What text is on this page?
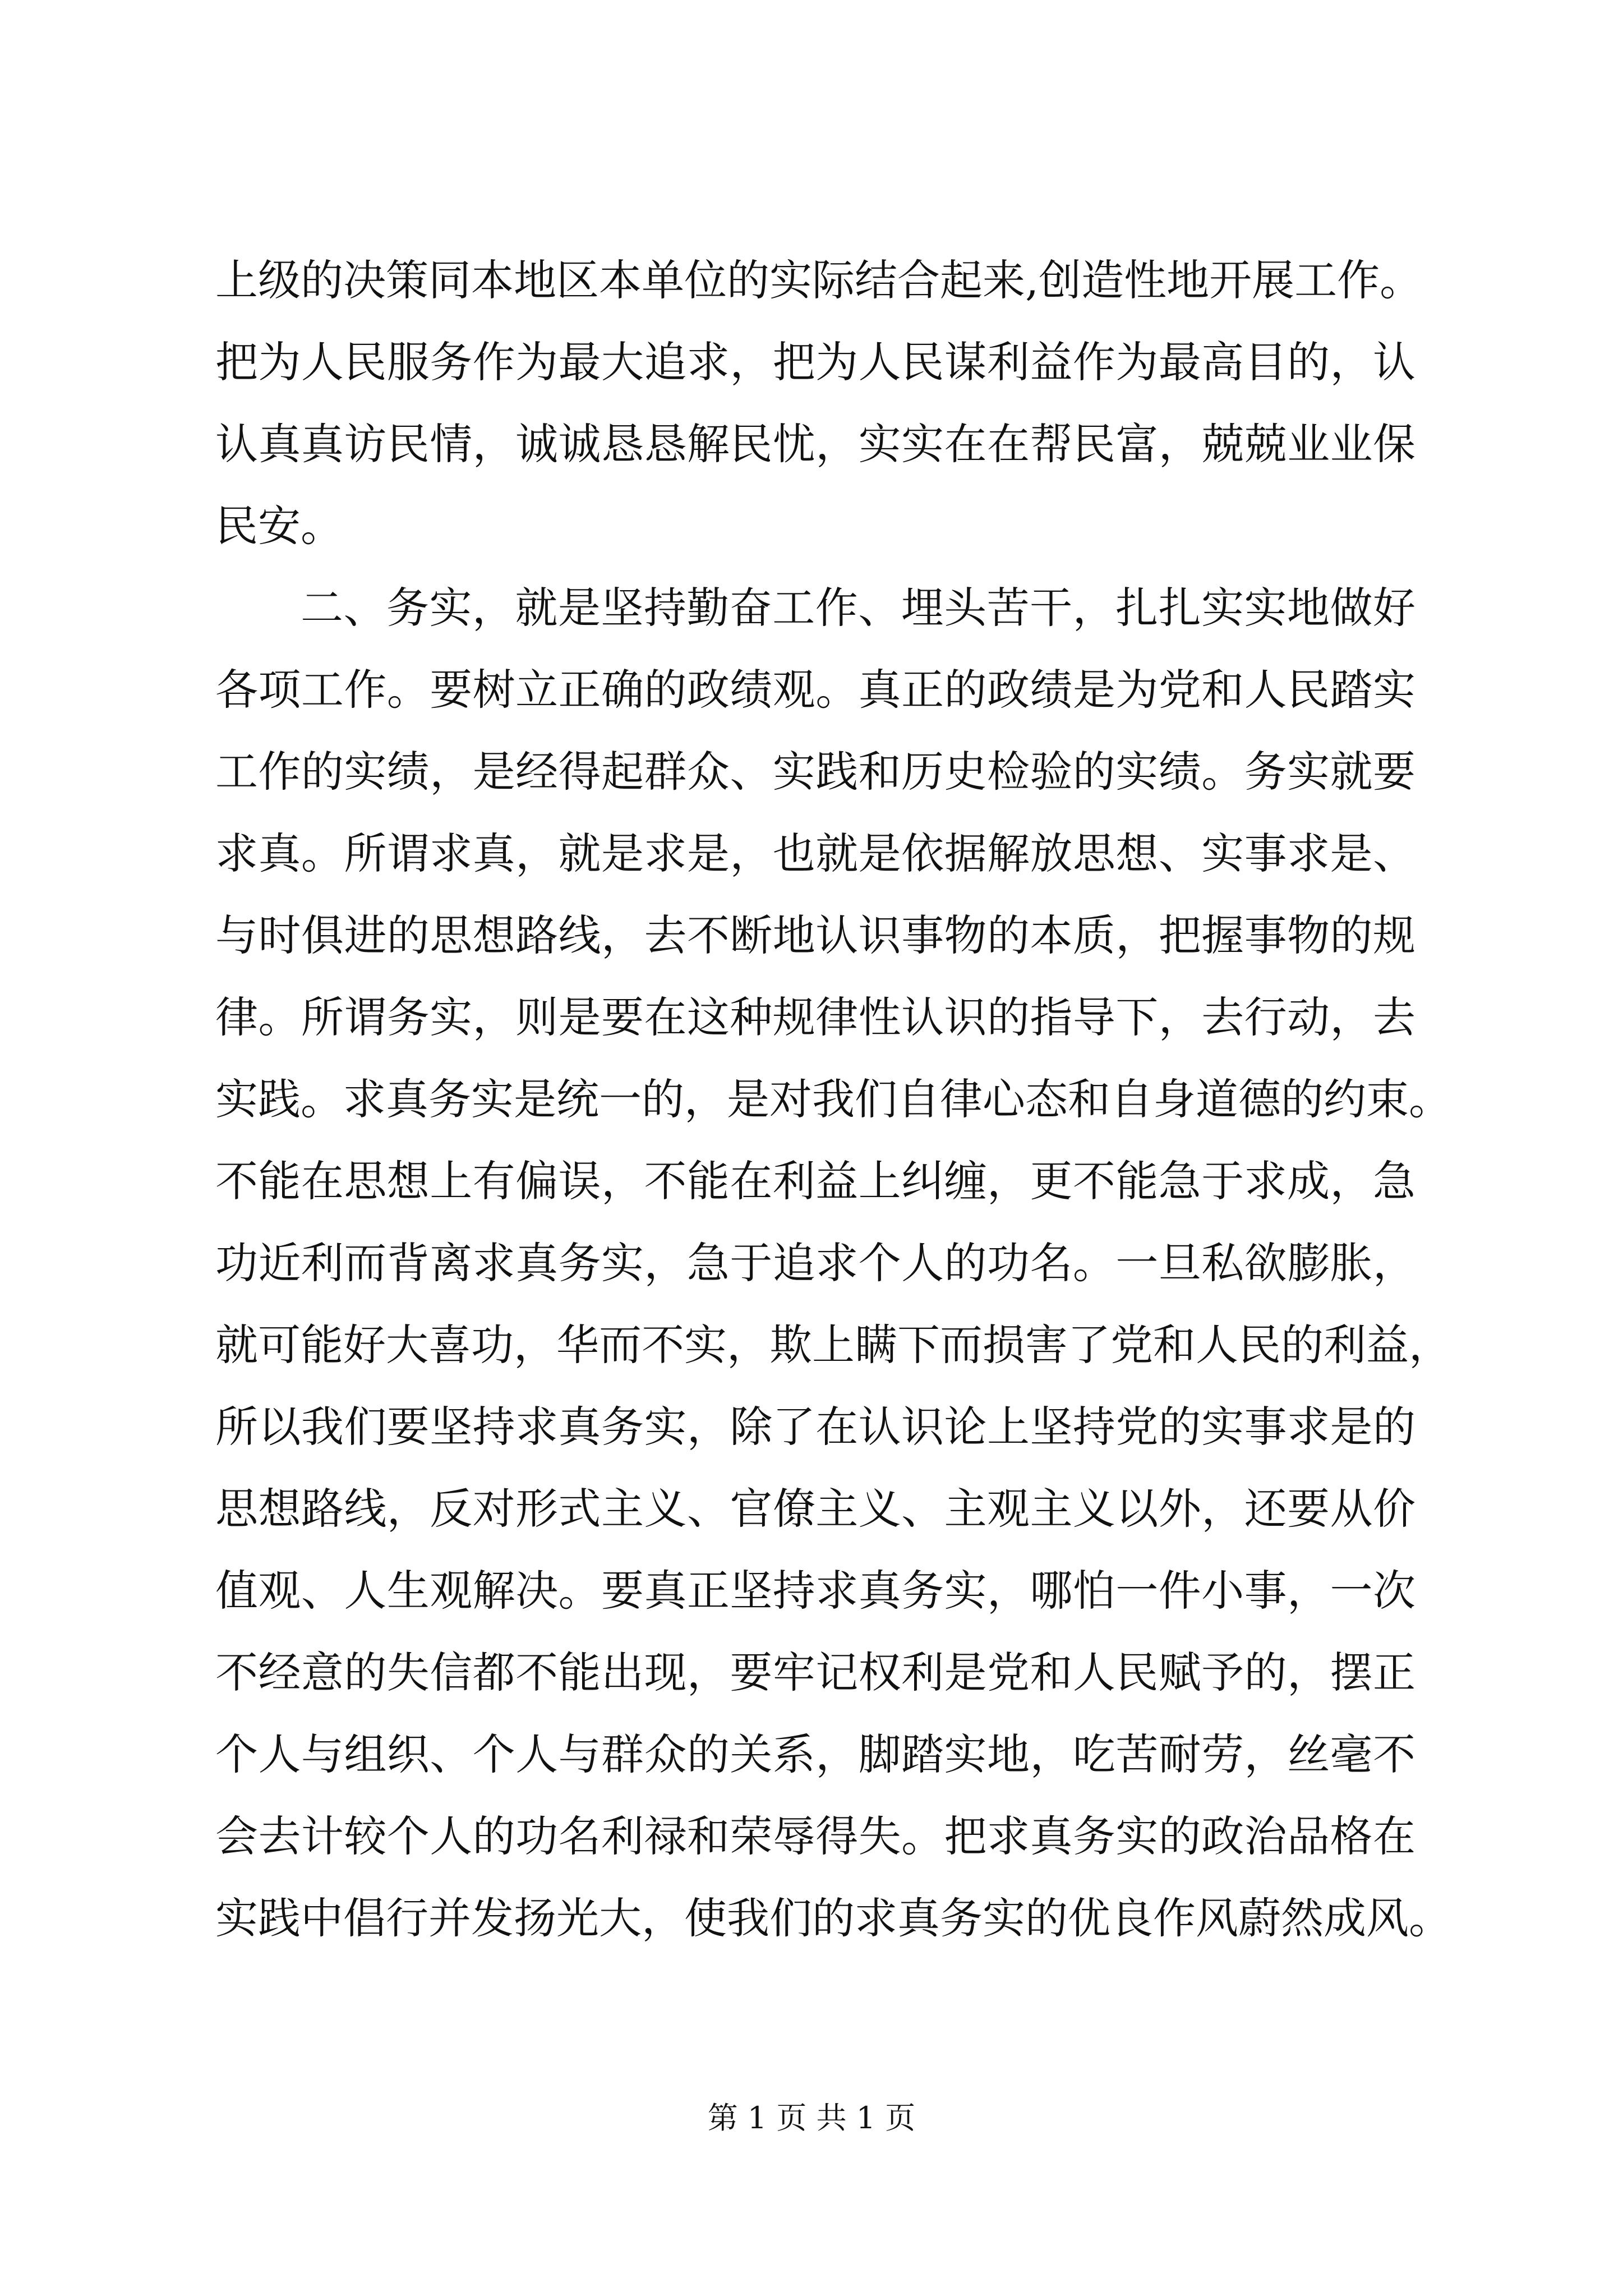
上级的决策同本地区本单位的实际结合起来,创造性地开展工作。
把为人民服务作为最大追求，把为人民谋利益作为最高目的，认
认真真访民情，诚诚恳恳解民忧，实实在在帮民富，兢兢业业保
民安。
二、务实，就是坚持勤奋工作、埋头苦干，扎扎实实地做好
各项工作。要树立正确的政绩观。真正的政绩是为党和人民踏实
工作的实绩，是经得起群众、实践和历史检验的实绩。务实就要
求真。所谓求真，就是求是，也就是依据解放思想、实事求是、
与时俱进的思想路线，去不断地认识事物的本质，把握事物的规
律。所谓务实，则是要在这种规律性认识的指导下，去行动，去
实践。求真务实是统一的，是对我们自律心态和自身道德的约束。
不能在思想上有偏误，不能在利益上纠缠，更不能急于求成，急
功近利而背离求真务实，急于追求个人的功名。一旦私欲膨胀，
就可能好大喜功，华而不实，欺上瞒下而损害了党和人民的利益，
所以我们要坚持求真务实，除了在认识论上坚持党的实事求是的
思想路线，反对形式主义、官僚主义、主观主义以外，还要从价
值观、人生观解决。要真正坚持求真务实，哪怕一件小事，一次
不经意的失信都不能出现，要牢记权利是党和人民赋予的，摆正
个人与组织、个人与群众的关系，脚踏实地，吃苦耐劳，丝毫不
会去计较个人的功名利禄和荣辱得失。把求真务实的政治品格在
实践中倡行并发扬光大，使我们的求真务实的优良作风蔚然成风。
第 1 页 共 1 页
